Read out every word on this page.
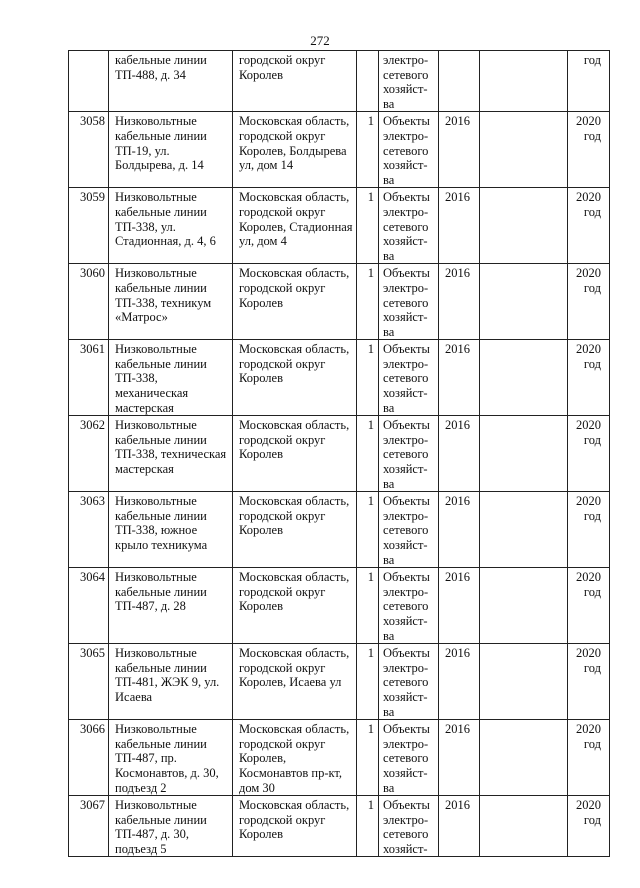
272
	кабельные линии ТП-488, д. 34	городской округ Королев		электро-
сетевого
хозяйст-
ва			год
3058	Низковольтные кабельные линии ТП-19, ул. Болдырева, д. 14	Московская область, городской округ Королев, Болдырева ул, дом 14	1	Объекты
электро-
сетевого
хозяйст-
ва	2016		2020 год
3059	Низковольтные кабельные линии ТП-338, ул. Стадионная, д. 4, 6	Московская область, городской округ Королев, Стадионная ул, дом 4	1	Объекты
электро-
сетевого
хозяйст-
ва	2016		2020 год
3060	Низковольтные кабельные линии ТП-338, техникум «Матрос»	Московская область, городской округ Королев	1	Объекты
электро-
сетевого
хозяйст-
ва	2016		2020 год
3061	Низковольтные кабельные линии ТП-338, механическая мастерская	Московская область, городской округ Королев	1	Объекты
электро-
сетевого
хозяйст-
ва	2016		2020 год
3062	Низковольтные кабельные линии ТП-338, техническая мастерская	Московская область, городской округ Королев	1	Объекты
электро-
сетевого
хозяйст-
ва	2016		2020 год
3063	Низковольтные кабельные линии ТП-338, южное крыло техникума	Московская область, городской округ Королев	1	Объекты
электро-
сетевого
хозяйст-
ва	2016		2020 год
3064	Низковольтные кабельные линии ТП-487, д. 28	Московская область, городской округ Королев	1	Объекты
электро-
сетевого
хозяйст-
ва	2016		2020 год
3065	Низковольтные кабельные линии ТП-481, ЖЭК 9, ул. Исаева	Московская область, городской округ Королев, Исаева ул	1	Объекты
электро-
сетевого
хозяйст-
ва	2016		2020 год
3066	Низковольтные кабельные линии ТП-487, пр. Космонавтов, д. 30, подъезд 2	Московская область, городской округ Королев, Космонавтов пр-кт, дом 30	1	Объекты
электро-
сетевого
хозяйст-
ва	2016		2020 год
3067	Низковольтные кабельные линии ТП-487, д. 30, подъезд 5	Московская область, городской округ Королев	1	Объекты
электро-
сетевого
хозяйст-	2016		2020 год
